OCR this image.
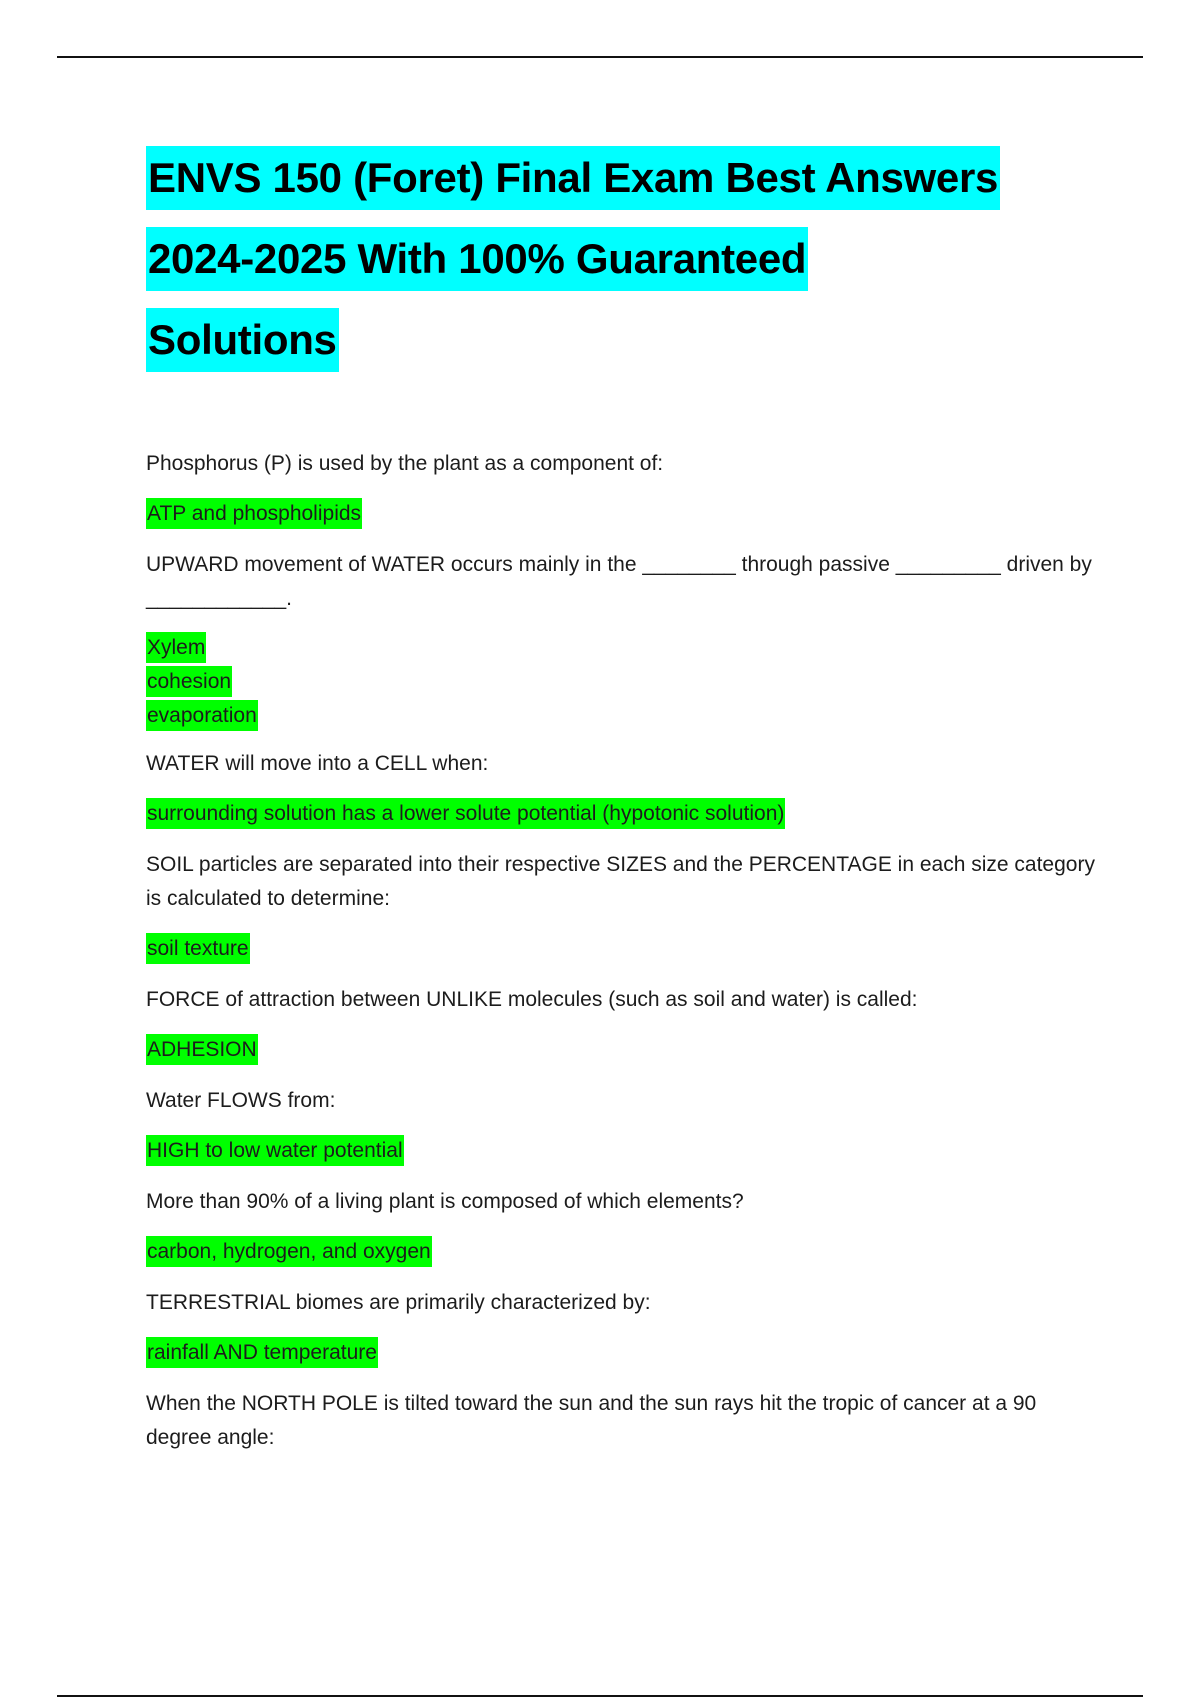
ENVS 150 (Foret) Final Exam Best Answers
2024-2025 With 100% Guaranteed
Solutions

Phosphorus (P) is used by the plant as a component of:

ATP and phospholipids

UPWARD movement of WATER occurs mainly in the ________ through passive _________ driven by ____________.

Xylem
cohesion
evaporation

WATER will move into a CELL when:

surrounding solution has a lower solute potential (hypotonic solution)

SOIL particles are separated into their respective SIZES and the PERCENTAGE in each size category is calculated to determine:

soil texture

FORCE of attraction between UNLIKE molecules (such as soil and water) is called:

ADHESION

Water FLOWS from:

HIGH to low water potential

More than 90% of a living plant is composed of which elements?

carbon, hydrogen, and oxygen

TERRESTRIAL biomes are primarily characterized by:

rainfall AND temperature

When the NORTH POLE is tilted toward the sun and the sun rays hit the tropic of cancer at a 90 degree angle:
